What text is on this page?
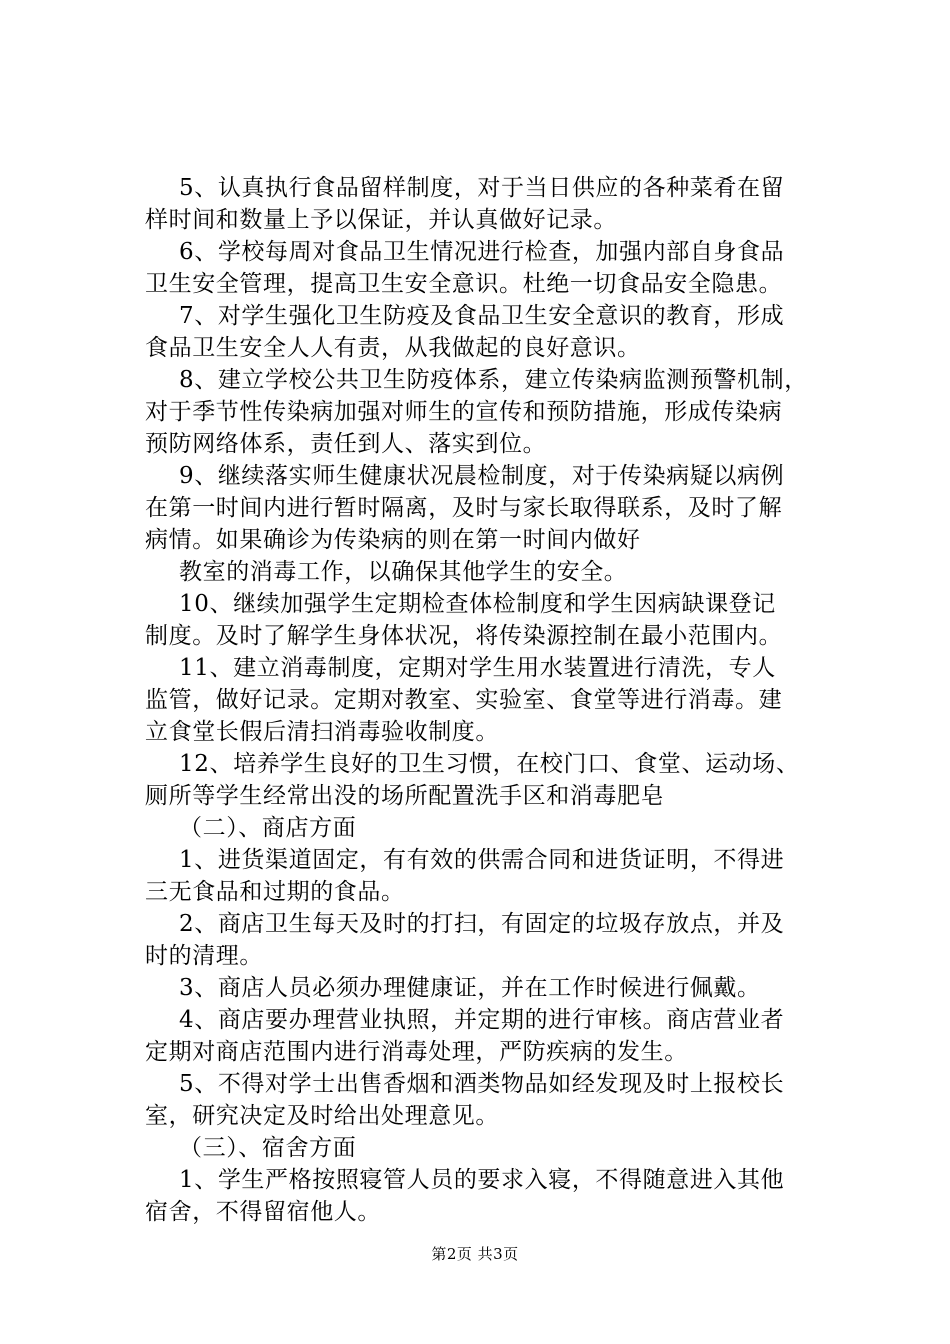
5、认真执行食品留样制度，对于当日供应的各种菜肴在留
样时间和数量上予以保证，并认真做好记录。
6、学校每周对食品卫生情况进行检查，加强内部自身食品
卫生安全管理，提高卫生安全意识。杜绝一切食品安全隐患。
7、对学生强化卫生防疫及食品卫生安全意识的教育，形成
食品卫生安全人人有责，从我做起的良好意识。
8、建立学校公共卫生防疫体系，建立传染病监测预警机制，
对于季节性传染病加强对师生的宣传和预防措施，形成传染病
预防网络体系，责任到人、落实到位。
9、继续落实师生健康状况晨检制度，对于传染病疑以病例
在第一时间内进行暂时隔离，及时与家长取得联系，及时了解
病情。如果确诊为传染病的则在第一时间内做好
教室的消毒工作，以确保其他学生的安全。
10、继续加强学生定期检查体检制度和学生因病缺课登记
制度。及时了解学生身体状况，将传染源控制在最小范围内。
11、建立消毒制度，定期对学生用水装置进行清洗，专人
监管，做好记录。定期对教室、实验室、食堂等进行消毒。建
立食堂长假后清扫消毒验收制度。
12、培养学生良好的卫生习惯，在校门口、食堂、运动场、
厕所等学生经常出没的场所配置洗手区和消毒肥皂
（二）、商店方面
1、进货渠道固定，有有效的供需合同和进货证明，不得进
三无食品和过期的食品。
2、商店卫生每天及时的打扫，有固定的垃圾存放点，并及
时的清理。
3、商店人员必须办理健康证，并在工作时候进行佩戴。
4、商店要办理营业执照，并定期的进行审核。商店营业者
定期对商店范围内进行消毒处理，严防疾病的发生。
5、不得对学士出售香烟和酒类物品如经发现及时上报校长
室，研究决定及时给出处理意见。
（三）、宿舍方面
1、学生严格按照寝管人员的要求入寝，不得随意进入其他
宿舍，不得留宿他人。
第2页 共3页
